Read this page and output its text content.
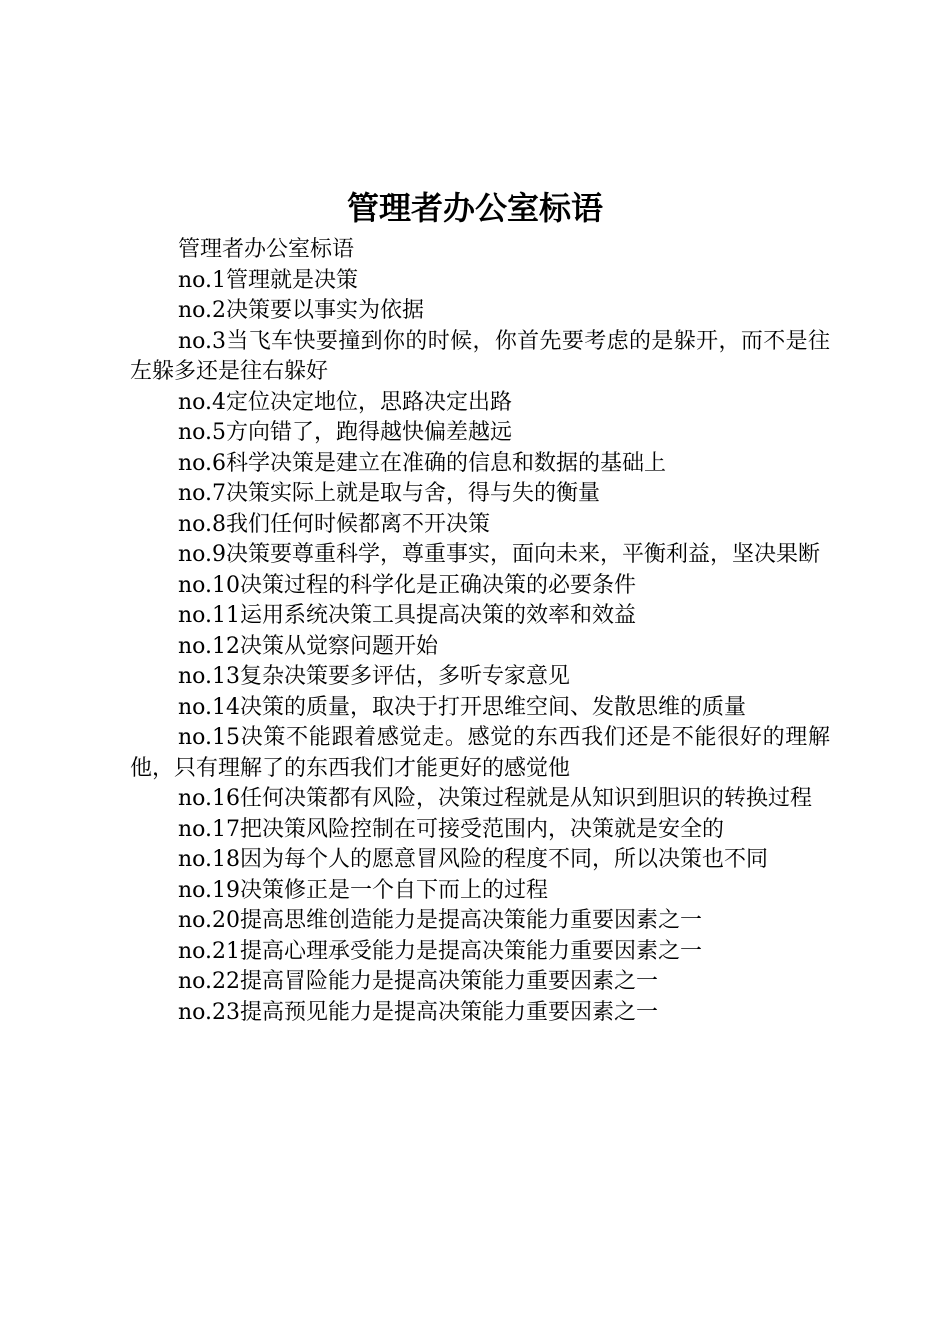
管理者办公室标语

管理者办公室标语

no.1管理就是决策

no.2决策要以事实为依据

no.3当飞车快要撞到你的时候，你首先要考虑的是躲开，而不是往左躲多还是往右躲好

no.4定位决定地位，思路决定出路

no.5方向错了，跑得越快偏差越远

no.6科学决策是建立在准确的信息和数据的基础上

no.7决策实际上就是取与舍，得与失的衡量

no.8我们任何时候都离不开决策

no.9决策要尊重科学，尊重事实，面向未来，平衡利益，坚决果断

no.10决策过程的科学化是正确决策的必要条件

no.11运用系统决策工具提高决策的效率和效益

no.12决策从觉察问题开始

no.13复杂决策要多评估，多听专家意见

no.14决策的质量，取决于打开思维空间、发散思维的质量

no.15决策不能跟着感觉走。感觉的东西我们还是不能很好的理解他，只有理解了的东西我们才能更好的感觉他

no.16任何决策都有风险，决策过程就是从知识到胆识的转换过程

no.17把决策风险控制在可接受范围内，决策就是安全的

no.18因为每个人的愿意冒风险的程度不同，所以决策也不同

no.19决策修正是一个自下而上的过程

no.20提高思维创造能力是提高决策能力重要因素之一

no.21提高心理承受能力是提高决策能力重要因素之一

no.22提高冒险能力是提高决策能力重要因素之一

no.23提高预见能力是提高决策能力重要因素之一
